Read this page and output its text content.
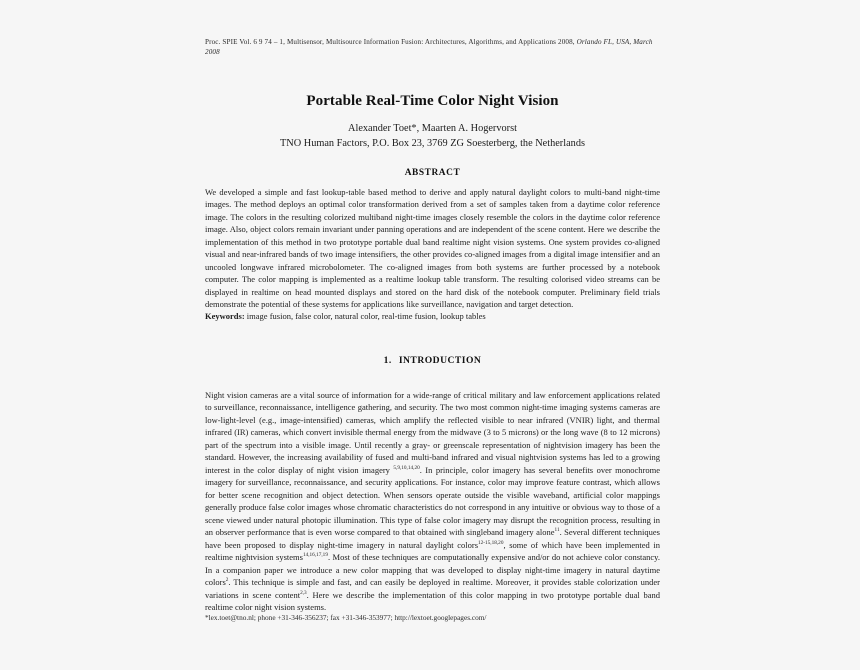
Proc. SPIE Vol. 6 9 74 – 1, Multisensor, Multisource Information Fusion: Architectures, Algorithms, and Applications 2008, Orlando FL, USA, March 2008
Portable Real-Time Color Night Vision
Alexander Toet*, Maarten A. Hogervorst
TNO Human Factors, P.O. Box 23, 3769 ZG Soesterberg, the Netherlands
ABSTRACT
We developed a simple and fast lookup-table based method to derive and apply natural daylight colors to multi-band night-time images. The method deploys an optimal color transformation derived from a set of samples taken from a daytime color reference image. The colors in the resulting colorized multiband night-time images closely resemble the colors in the daytime color reference image. Also, object colors remain invariant under panning operations and are independent of the scene content. Here we describe the implementation of this method in two prototype portable dual band realtime night vision systems. One system provides co-aligned visual and near-infrared bands of two image intensifiers, the other provides co-aligned images from a digital image intensifier and an uncooled longwave infrared microbolometer. The co-aligned images from both systems are further processed by a notebook computer. The color mapping is implemented as a realtime lookup table transform. The resulting colorised video streams can be displayed in realtime on head mounted displays and stored on the hard disk of the notebook computer. Preliminary field trials demonstrate the potential of these systems for applications like surveillance, navigation and target detection.
Keywords: image fusion, false color, natural color, real-time fusion, lookup tables
1. INTRODUCTION
Night vision cameras are a vital source of information for a wide-range of critical military and law enforcement applications related to surveillance, reconnaissance, intelligence gathering, and security. The two most common night-time imaging systems cameras are low-light-level (e.g., image-intensified) cameras, which amplify the reflected visible to near infrared (VNIR) light, and thermal infrared (IR) cameras, which convert invisible thermal energy from the midwave (3 to 5 microns) or the long wave (8 to 12 microns) part of the spectrum into a visible image. Until recently a gray- or greenscale representation of nightvision imagery has been the standard. However, the increasing availability of fused and multi-band infrared and visual nightvision systems has led to a growing interest in the color display of night vision imagery $^{5,9,10,14,20}$. In principle, color imagery has several benefits over monochrome imagery for surveillance, reconnaissance, and security applications. For instance, color may improve feature contrast, which allows for better scene recognition and object detection. When sensors operate outside the visible waveband, artificial color mappings generally produce false color images whose chromatic characteristics do not correspond in any intuitive or obvious way to those of a scene viewed under natural photopic illumination. This type of false color imagery may disrupt the recognition process, resulting in an observer performance that is even worse compared to that obtained with singleband imagery alone$^{11}$. Several different techniques have been proposed to display night-time imagery in natural daylight colors$^{12-15,18,20}$, some of which have been implemented in realtime nightvision systems$^{14,16,17,19}$. Most of these techniques are computationally expensive and/or do not achieve color constancy. In a companion paper we introduce a new color mapping that was developed to display night-time imagery in natural daytime colors$^2$. This technique is simple and fast, and can easily be deployed in realtime. Moreover, it provides stable colorization under variations in scene content$^{2,3}$. Here we describe the implementation of this color mapping in two prototype portable dual band realtime color night vision systems.
*lex.toet@tno.nl; phone +31-346-356237; fax +31-346-353977; http://lextoet.googlepages.com/
